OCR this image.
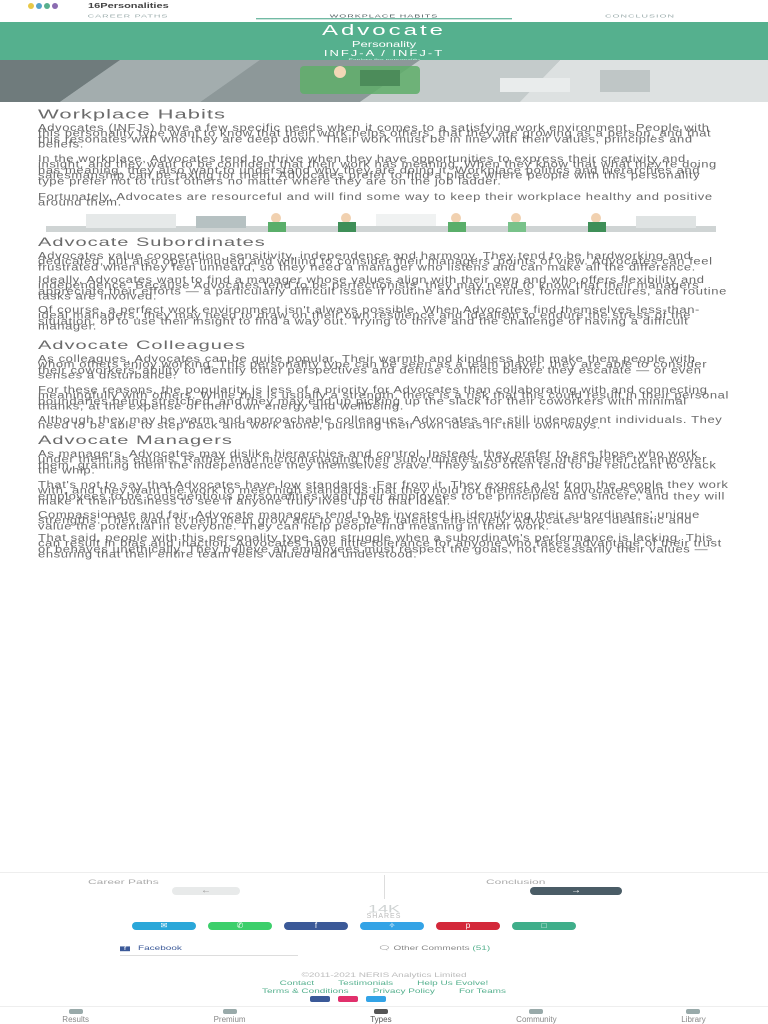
16Personalities
CAREER PATHS	WORKPLACE HABITS	CONCLUSION
Advocate
Personality
INFJ-A / INFJ-T
Workplace Habits
Advocates (INFJs) have a few specific needs when it comes to a satisfying work environment. People with this personality type want to know that their work helps others, that they are growing as a person, and that this resonates with who they are deep down. Their work must be in line with their values, principles and beliefs.
In the workplace, Advocates tend to thrive when they have opportunities to express their creativity and insight, and they want to be confident that their work has meaning. When they know that what they're doing has meaning, they also want to understand why they are doing it. Workplace politics and hierarchies and salesmanship can be taxing for them. Advocates prefer to find a place where people with this personality type prefer not to trust others no matter where they are on the job ladder.
Fortunately, Advocates are resourceful and will find some way to keep their workplace healthy and positive around them.
Advocate Subordinates
Advocates value cooperation, sensitivity, independence and harmony. They tend to be hardworking and dedicated, but also open-minded and willing to consider their managers' points of view. Advocates can feel frustrated when they feel unheard, so they need a manager who listens and can make all the difference.
Ideally, Advocates want to find a manager whose values align with their own and who offers flexibility and independence. Because Advocates tend to be perfectionists, they may need to know that their managers appreciate their efforts — a particularly difficult issue if routine and strict rules, formal structures, and routine tasks are involved.
Of course, a perfect work environment isn't always possible. When Advocates find themselves less-than-ideal managers, they may need to draw on their own resilience and idealism to endure the stress of the situation, or to use their insight to find a way out. Trying to thrive and the challenge of having a difficult manager.
Advocate Colleagues
As colleagues, Advocates can be quite popular. Their warmth and kindness both make them people with whom others enjoy working. This personality type can be seen as a team player, they are able to consider their coworkers' ability to identify other perspectives and defuse conflicts before they escalate — or even senses a disturbance.
For these reasons, the popularity is less of a priority for Advocates than collaborating with and connecting meaningfully with others. While this is usually a strength, there is a risk that this could result in their personal boundaries being stretched, and they may end up picking up the slack for their coworkers with minimal thanks, at the expense of their own energy and wellbeing.
Although they may be warm and approachable colleagues, Advocates are still independent individuals. They need to be able to step back and work alone, pursuing their own ideas in their own ways.
Advocate Managers
As managers, Advocates may dislike hierarchies and control. Instead, they prefer to see those who work under them as equals. Rather than micromanaging their subordinates, Advocates often prefer to empower them, granting them the independence they themselves crave. They also often tend to be reluctant to crack the whip.
That's not to say that Advocates have low standards. Far from it. They expect a lot from the people they work with, and they want the work to meet high standards that they hold for themselves. Advocates want employees to be conscientious personalities want their employees to be principled and sincere, and they will make it their business to see if anyone truly lives up to that ideal.
Compassionate and fair, Advocate managers tend to be invested in identifying their subordinates' unique strengths. They want to help them grow and to use their talents effectively. Advocates are idealistic and value the potential in everyone. They can help people find meaning in their work.
That said, people with this personality type can struggle when a subordinate's performance is lacking. This can result in bias and inaction. Advocates have little tolerance for anyone who takes advantage of their trust or behaves unethically. They believe all employees must respect the goals, not necessarily their values — ensuring that their entire team feels valued and understood.
Career Paths
←
Conclusion
→
14K
SHARES
✉	✆	f	✧	p	□
f Facebook	🗨 Other Comments (51)
©2011-2021 NERIS Analytics Limited
Contact Testimonials Help Us Evolve!
Terms & Conditions Privacy Policy For Teams
Results	Premium	Types	Community	Library
